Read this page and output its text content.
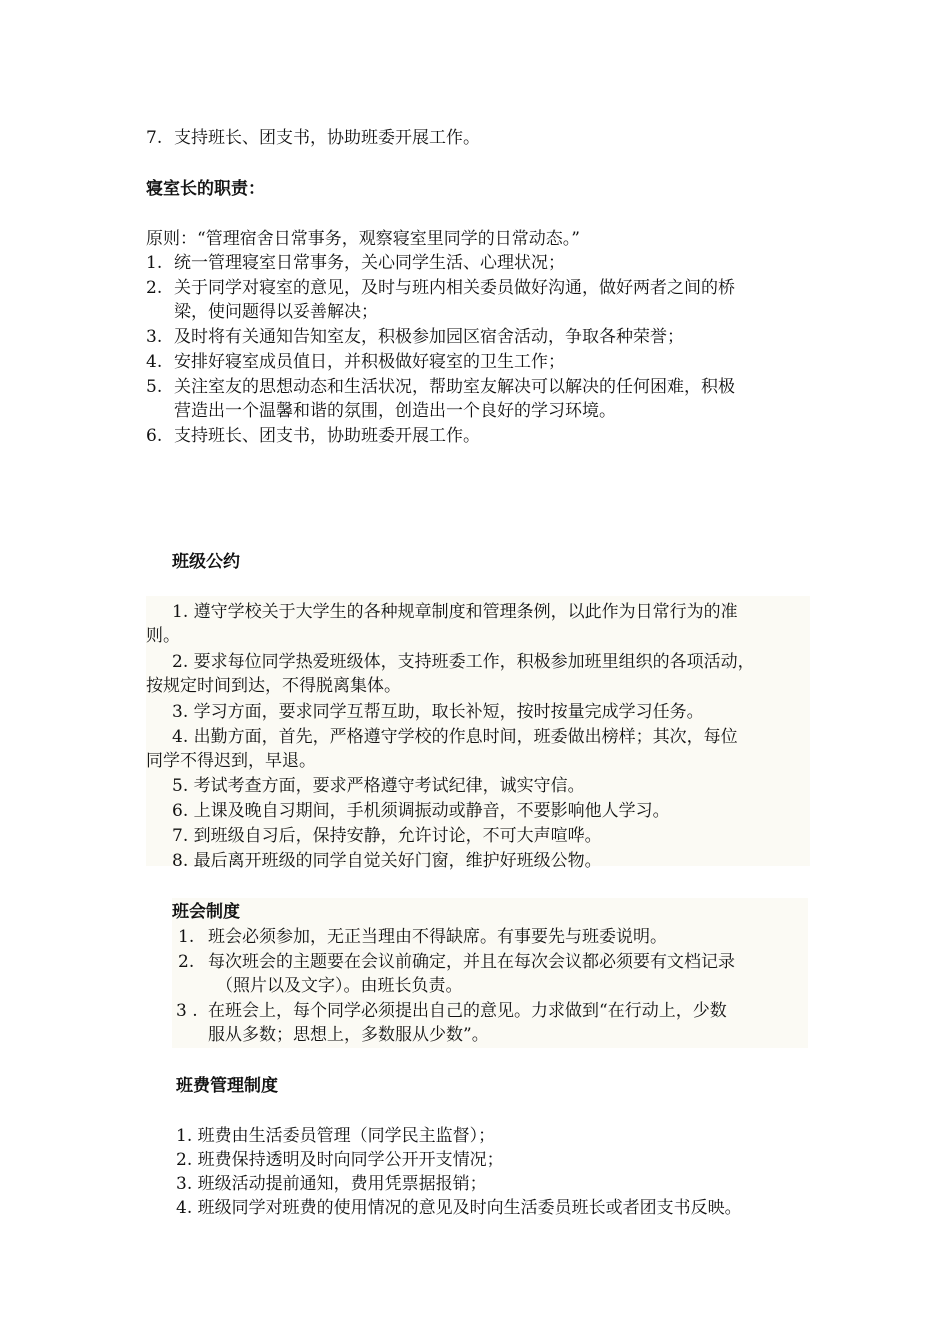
7. 支持班长、团支书，协助班委开展工作。
寝室长的职责：
原则：“管理宿舍日常事务，观察寝室里同学的日常动态。”
1. 统一管理寝室日常事务，关心同学生活、心理状况；
2. 关于同学对寝室的意见，及时与班内相关委员做好沟通，做好两者之间的桥
梁，使问题得以妥善解决；
3. 及时将有关通知告知室友，积极参加园区宿舍活动，争取各种荣誉；
4. 安排好寝室成员值日，并积极做好寝室的卫生工作；
5. 关注室友的思想动态和生活状况，帮助室友解决可以解决的任何困难，积极
营造出一个温馨和谐的氛围，创造出一个良好的学习环境。
6. 支持班长、团支书，协助班委开展工作。
班级公约
1. 遵守学校关于大学生的各种规章制度和管理条例，以此作为日常行为的准
则。
2. 要求每位同学热爱班级体，支持班委工作，积极参加班里组织的各项活动，
按规定时间到达，不得脱离集体。
3. 学习方面，要求同学互帮互助，取长补短，按时按量完成学习任务。
4. 出勤方面，首先，严格遵守学校的作息时间，班委做出榜样；其次，每位
同学不得迟到，早退。
5. 考试考查方面，要求严格遵守考试纪律，诚实守信。
6. 上课及晚自习期间，手机须调振动或静音，不要影响他人学习。
7. 到班级自习后，保持安静，允许讨论，不可大声喧哗。
8. 最后离开班级的同学自觉关好门窗，维护好班级公物。
班会制度
1. 班会必须参加，无正当理由不得缺席。有事要先与班委说明。
2. 每次班会的主题要在会议前确定，并且在每次会议都必须要有文档记录
（照片以及文字）。由班长负责。
3 . 在班会上，每个同学必须提出自己的意见。力求做到“在行动上，少数
服从多数；思想上，多数服从少数”。
班费管理制度
1. 班费由生活委员管理（同学民主监督）；
2. 班费保持透明及时向同学公开开支情况；
3. 班级活动提前通知，费用凭票据报销；
4. 班级同学对班费的使用情况的意见及时向生活委员班长或者团支书反映。
